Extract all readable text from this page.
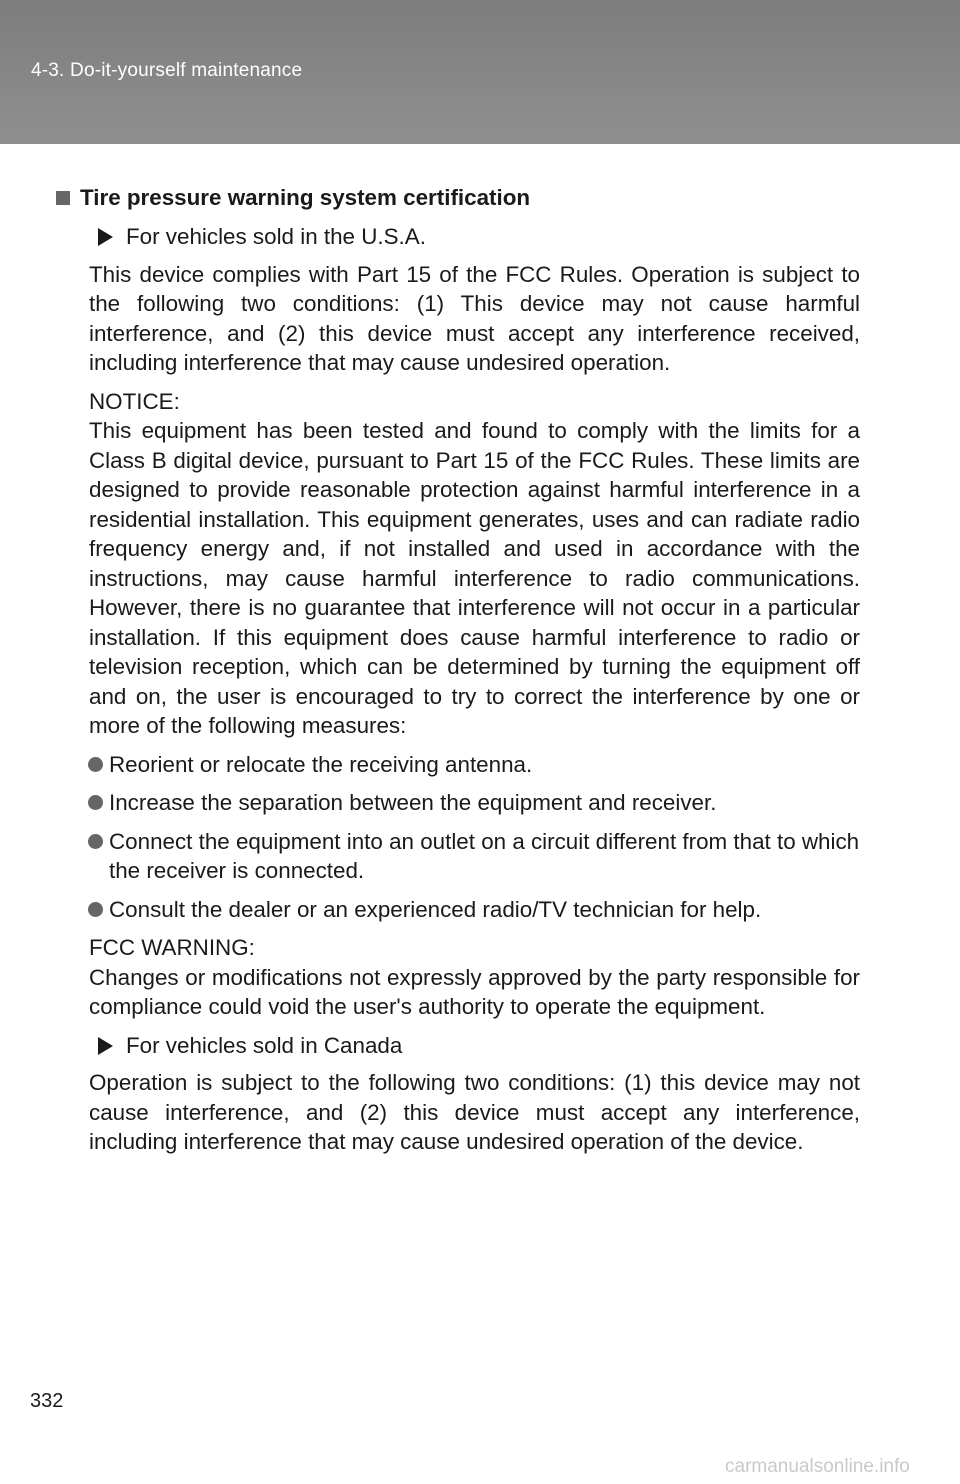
4-3. Do-it-yourself maintenance
Tire pressure warning system certification
For vehicles sold in the U.S.A.

This device complies with Part 15 of the FCC Rules. Operation is subject to the following two conditions: (1) This device may not cause harmful interference, and (2) this device must accept any interference received, including interference that may cause undesired operation.

NOTICE:
This equipment has been tested and found to comply with the limits for a Class B digital device, pursuant to Part 15 of the FCC Rules. These limits are designed to provide reasonable protection against harmful interference in a residential installation. This equipment generates, uses and can radiate radio frequency energy and, if not installed and used in accordance with the instructions, may cause harmful interference to radio communications. However, there is no guarantee that interference will not occur in a particular installation. If this equipment does cause harmful interference to radio or television reception, which can be determined by turning the equipment off and on, the user is encouraged to try to correct the interference by one or more of the following measures:

Reorient or relocate the receiving antenna.
Increase the separation between the equipment and receiver.
Connect the equipment into an outlet on a circuit different from that to which the receiver is connected.
Consult the dealer or an experienced radio/TV technician for help.

FCC WARNING:
Changes or modifications not expressly approved by the party responsible for compliance could void the user's authority to operate the equipment.

For vehicles sold in Canada

Operation is subject to the following two conditions: (1) this device may not cause interference, and (2) this device must accept any interference, including interference that may cause undesired operation of the device.

332
carmanualsonline.info
